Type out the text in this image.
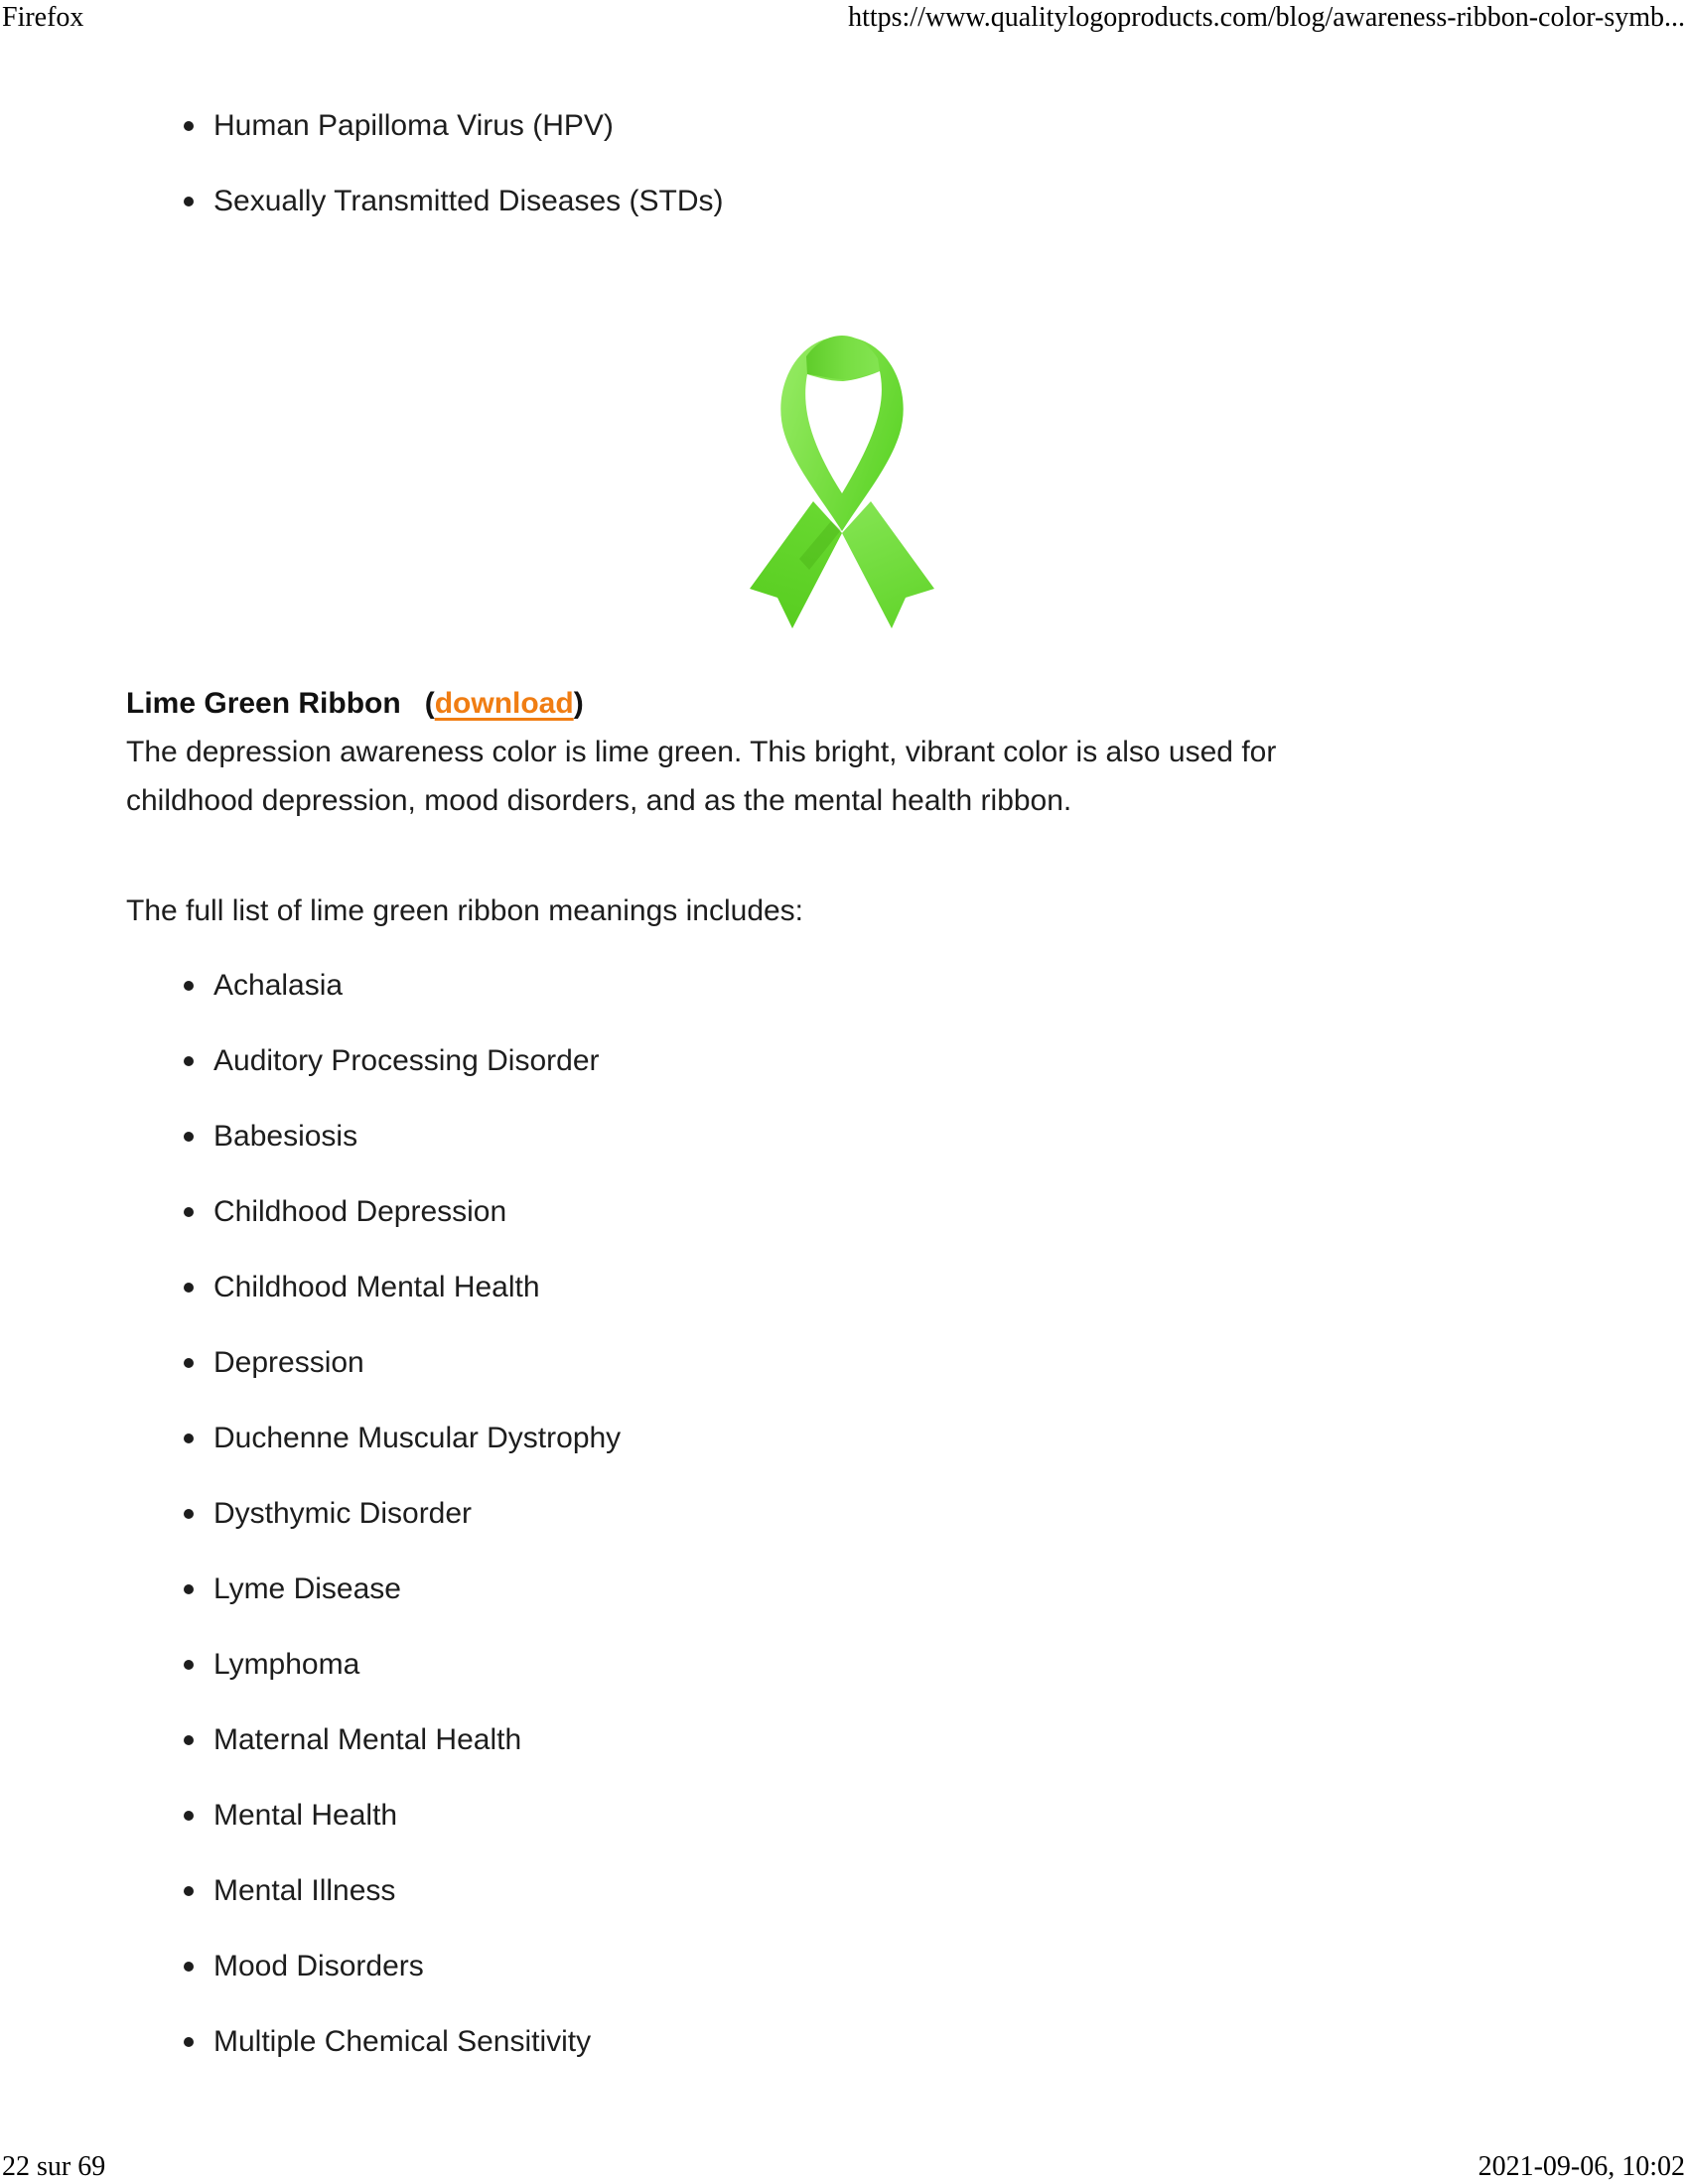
Firefox	https://www.qualitylogoproducts.com/blog/awareness-ribbon-color-symb...
Human Papilloma Virus (HPV)
Sexually Transmitted Diseases (STDs)
Lime Green Ribbon (download)
The depression awareness color is lime green. This bright, vibrant color is also used for
childhood depression, mood disorders, and as the mental health ribbon.
The full list of lime green ribbon meanings includes:
Achalasia
Auditory Processing Disorder
Babesiosis
Childhood Depression
Childhood Mental Health
Depression
Duchenne Muscular Dystrophy
Dysthymic Disorder
Lyme Disease
Lymphoma
Maternal Mental Health
Mental Health
Mental Illness
Mood Disorders
Multiple Chemical Sensitivity
22 sur 69	2021-09-06, 10:02
